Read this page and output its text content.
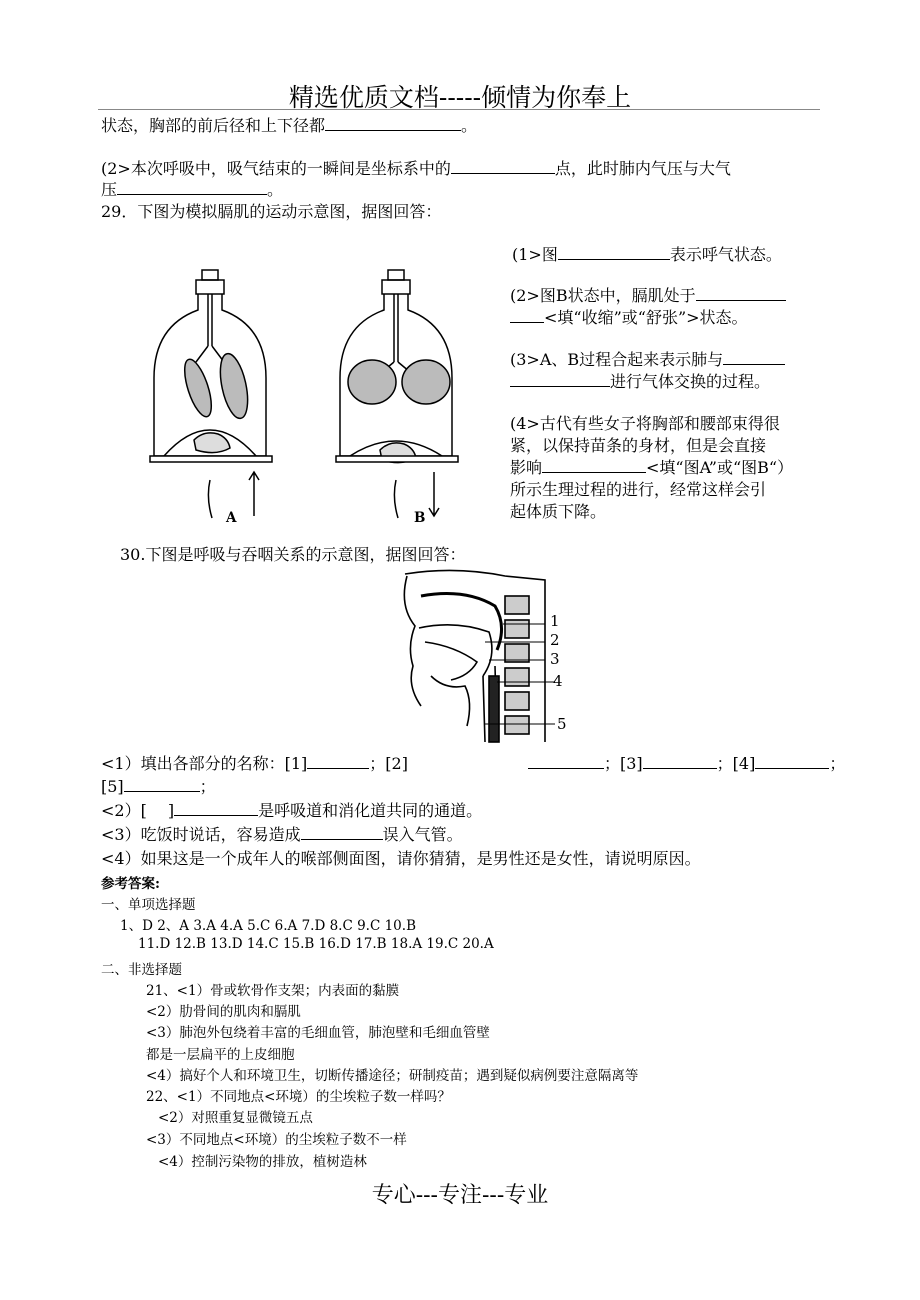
精选优质文档-----倾情为你奉上
状态，胸部的前后径和上下径都	。
(2>本次呼吸中，吸气结束的一瞬间是坐标系中的	点，此时肺内气压与大气
压	。
29．下图为模拟膈肌的运动示意图，据图回答：
A	B
(1>图	表示呼气状态。
(2>图B状态中，膈肌处于
<填“收缩”或“舒张”>状态。
(3>A、B过程合起来表示肺与
进行气体交换的过程。
(4>古代有些女子将胸部和腰部束得很
紧，以保持苗条的身材，但是会直接
影响	<填“图A”或“图B“）
所示生理过程的进行，经常这样会引
起体质下降。
30.下图是呼吸与吞咽关系的示意图，据图回答：
1
2
3
4
5
<1）填出各部分的名称：[1]	；[2]	；[3]	；[4]	；
[5]	；
<2）[　 ]	是呼吸道和消化道共同的通道。
<3）吃饭时说话，容易造成	误入气管。
<4）如果这是一个成年人的喉部侧面图，请你猜猜，是男性还是女性，请说明原因。
参考答案:
一、单项选择题
1、D 2、A 3.A 4.A 5.C 6.A 7.D 8.C 9.C 10.B
11.D 12.B 13.D 14.C 15.B 16.D 17.B 18.A 19.C 20.A
二、非选择题
21、<1）骨或软骨作支架；内表面的黏膜
<2）肋骨间的肌肉和膈肌
<3）肺泡外包绕着丰富的毛细血管，肺泡壁和毛细血管壁
都是一层扁平的上皮细胞
<4）搞好个人和环境卫生，切断传播途径；研制疫苗；遇到疑似病例要注意隔离等
22、<1）不同地点<环境）的尘埃粒子数一样吗？
<2）对照重复显微镜五点
<3）不同地点<环境）的尘埃粒子数不一样
<4）控制污染物的排放，植树造林
专心---专注---专业
